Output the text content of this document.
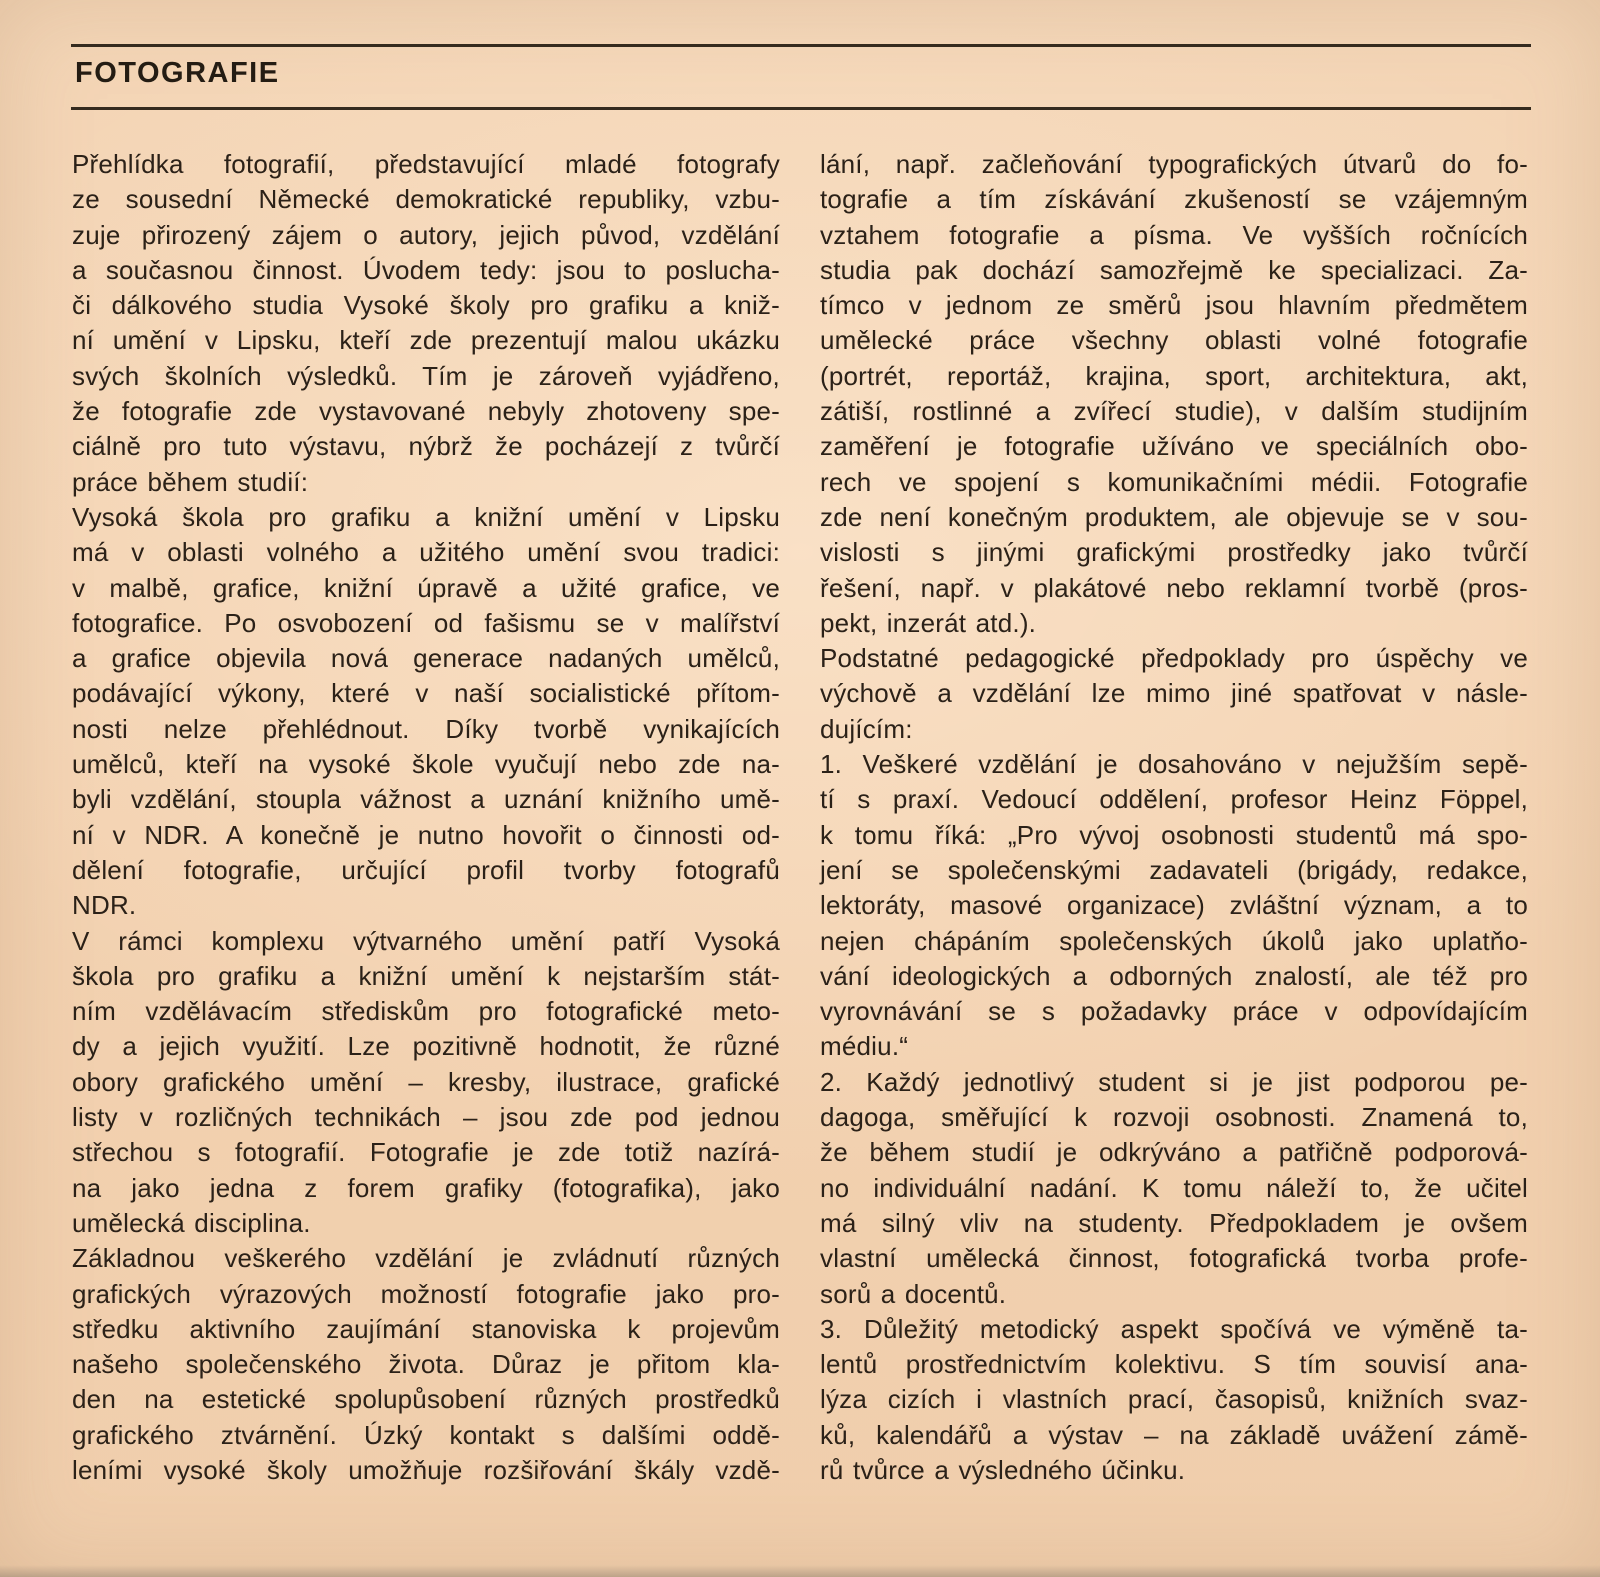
FOTOGRAFIE
Přehlídka fotografií, představující mladé fotografy
ze sousední Německé demokratické republiky, vzbu-
zuje přirozený zájem o autory, jejich původ, vzdělání
a současnou činnost. Úvodem tedy: jsou to poslucha-
či dálkového studia Vysoké školy pro grafiku a kniž-
ní umění v Lipsku, kteří zde prezentují malou ukázku
svých školních výsledků. Tím je zároveň vyjádřeno,
že fotografie zde vystavované nebyly zhotoveny spe-
ciálně pro tuto výstavu, nýbrž že pocházejí z tvůrčí
práce během studií:
Vysoká škola pro grafiku a knižní umění v Lipsku
má v oblasti volného a užitého umění svou tradici:
v malbě, grafice, knižní úpravě a užité grafice, ve
fotografice. Po osvobození od fašismu se v malířství
a grafice objevila nová generace nadaných umělců,
podávající výkony, které v naší socialistické přítom-
nosti nelze přehlédnout. Díky tvorbě vynikajících
umělců, kteří na vysoké škole vyučují nebo zde na-
byli vzdělání, stoupla vážnost a uznání knižního umě-
ní v NDR. A konečně je nutno hovořit o činnosti od-
dělení fotografie, určující profil tvorby fotografů
NDR.
V rámci komplexu výtvarného umění patří Vysoká
škola pro grafiku a knižní umění k nejstarším stát-
ním vzdělávacím střediskům pro fotografické meto-
dy a jejich využití. Lze pozitivně hodnotit, že různé
obory grafického umění – kresby, ilustrace, grafické
listy v rozličných technikách – jsou zde pod jednou
střechou s fotografií. Fotografie je zde totiž nazírá-
na jako jedna z forem grafiky (fotografika), jako
umělecká disciplina.
Základnou veškerého vzdělání je zvládnutí různých
grafických výrazových možností fotografie jako pro-
středku aktivního zaujímání stanoviska k projevům
našeho společenského života. Důraz je přitom kla-
den na estetické spolupůsobení různých prostředků
grafického ztvárnění. Úzký kontakt s dalšími oddě-
leními vysoké školy umožňuje rozšiřování škály vzdě-
lání, např. začleňování typografických útvarů do fo-
tografie a tím získávání zkušeností se vzájemným
vztahem fotografie a písma. Ve vyšších ročnících
studia pak dochází samozřejmě ke specializaci. Za-
tímco v jednom ze směrů jsou hlavním předmětem
umělecké práce všechny oblasti volné fotografie
(portrét, reportáž, krajina, sport, architektura, akt,
zátiší, rostlinné a zvířecí studie), v dalším studijním
zaměření je fotografie užíváno ve speciálních obo-
rech ve spojení s komunikačními médii. Fotografie
zde není konečným produktem, ale objevuje se v sou-
vislosti s jinými grafickými prostředky jako tvůrčí
řešení, např. v plakátové nebo reklamní tvorbě (pros-
pekt, inzerát atd.).
Podstatné pedagogické předpoklady pro úspěchy ve
výchově a vzdělání lze mimo jiné spatřovat v násle-
dujícím:
1. Veškeré vzdělání je dosahováno v nejužším sepě-
tí s praxí. Vedoucí oddělení, profesor Heinz Föppel,
k tomu říká: „Pro vývoj osobnosti studentů má spo-
jení se společenskými zadavateli (brigády, redakce,
lektoráty, masové organizace) zvláštní význam, a to
nejen chápáním společenských úkolů jako uplatňo-
vání ideologických a odborných znalostí, ale též pro
vyrovnávání se s požadavky práce v odpovídajícím
médiu.“
2. Každý jednotlivý student si je jist podporou pe-
dagoga, směřující k rozvoji osobnosti. Znamená to,
že během studií je odkrýváno a patřičně podporová-
no individuální nadání. K tomu náleží to, že učitel
má silný vliv na studenty. Předpokladem je ovšem
vlastní umělecká činnost, fotografická tvorba profe-
sorů a docentů.
3. Důležitý metodický aspekt spočívá ve výměně ta-
lentů prostřednictvím kolektivu. S tím souvisí ana-
lýza cizích i vlastních prací, časopisů, knižních svaz-
ků, kalendářů a výstav – na základě uvážení zámě-
rů tvůrce a výsledného účinku.
